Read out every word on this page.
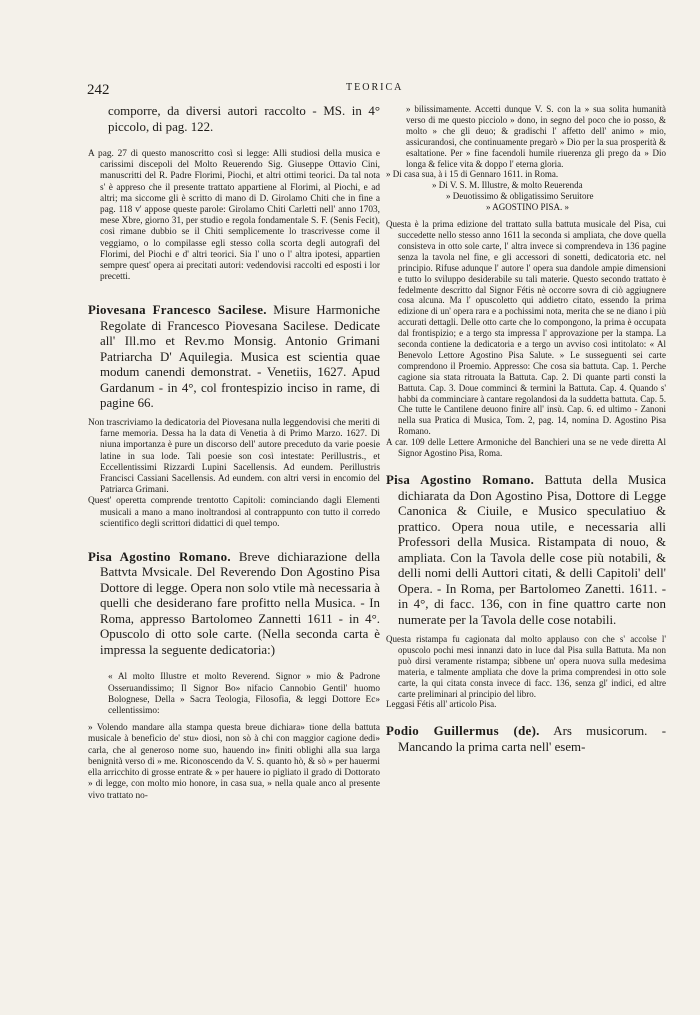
242	TEORICA

comporre, da diversi autori raccolto - MS. in 4° piccolo, di pag. 122.

A pag. 27 di questo manoscritto così si legge: Alli studiosi della musica e carissimi discepoli del Molto Reuerendo Sig. Giuseppe Ottavio Cini, manuscritti del R. Padre Florimi, Piochi, et altri ottimi teorici. Da tal nota s' è appreso che il presente trattato appartiene al Florimi, al Piochi, e ad altri; ma siccome gli è scritto di mano di D. Girolamo Chiti che in fine a pag. 118 v' appose queste parole: Girolamo Chiti Carletti nell' anno 1703, mese Xbre, giorno 31, per studio e regola fondamentale S. F. (Senis Fecit), così rimane dubbio se il Chiti semplicemente lo trascrivesse come il veggiamo, o lo compilasse egli stesso colla scorta degli autografi del Florimi, del Piochi e d' altri teorici. Sia l' uno o l' altra ipotesi, appartien sempre quest' opera ai precitati autori: vedendovisi raccolti ed esposti i lor precetti.

Piovesana Francesco Sacilese. Misure Harmoniche Regolate di Francesco Piovesana Sacilese. Dedicate all' Ill.mo et Rev.mo Monsig. Antonio Grimani Patriarcha D' Aquilegia. Musica est scientia quae modum canendi demonstrat. - Venetiis, 1627. Apud Gardanum - in 4°, col frontespizio inciso in rame, di pagine 66.

Non trascriviamo la dedicatoria del Piovesana nulla leggendovisi che meriti di farne memoria. Dessa ha la data di Venetia à di Primo Marzo. 1627. Di niuna importanza è pure un discorso dell' autore preceduto da varie poesie latine in sua lode. Tali poesie son così intestate: Perillustris., et Eccellentissimi Rizzardi Lupini Sacellensis. Ad eundem. Perillustris Francisci Cassiani Sacellensis. Ad eundem. con altri versi in encomio del Patriarca Grimani.

Quest' operetta comprende trentotto Capitoli: cominciando dagli Elementi musicali a mano a mano inoltrandosi al contrappunto con tutto il corredo scientifico degli scrittori didattici di quel tempo.

Pisa Agostino Romano. Breve dichiarazione della Battvta Mvsicale. Del Reverendo Don Agostino Pisa Dottore di legge. Opera non solo vtile mà necessaria à quelli che desiderano fare profitto nella Musica. - In Roma, appresso Bartolomeo Zannetti 1611 - in 4°. Opuscolo di otto sole carte. (Nella seconda carta è impressa la seguente dedicatoria:)

« Al molto Illustre et molto Reverend. Signor » mio & Padrone Osseruandissimo; Il Signor Bo» nifacio Cannobio Gentil' huomo Bolognese, Della » Sacra Teologia, Filosofia, & leggi Dottore Ec» cellentissimo:

» Volendo mandare alla stampa questa breue dichiara» tione della battuta musicale à beneficio de' stu» diosi, non sò à chi con maggior cagione dedi» carla, che al generoso nome suo, hauendo in» finiti oblighi alla sua larga benignità verso di » me. Riconoscendo da V. S. quanto hò, & sò » per hauermi ella arricchito di grosse entrate & » per hauere io pigliato il grado di Dottorato » di legge, con molto mio honore, in casa sua, » nella quale anco al presente vivo trattato no-

» bilissimamente. Accetti dunque V. S. con la » sua solita humanità verso di me questo picciolo » dono, in segno del poco che io posso, & molto » che gli deuo; & gradischi l' affetto dell' animo » mio, assicurandosi, che continuamente pregarò » Dio per la sua prosperità & esaltatione. Per » fine facendoli humile riuerenza gli prego da » Dio longa & felice vita & doppo l' eterna gloria.

» Di casa sua, à i 15 di Gennaro 1611. in Roma.

» Di V. S. M. Illustre, & molto Reuerenda

» Deuotissimo & obligatissimo Seruitore

» AGOSTINO PISA. »

Questa è la prima edizione del trattato sulla battuta musicale del Pisa, cui succedette nello stesso anno 1611 la seconda si ampliata, che dove quella consisteva in otto sole carte, l' altra invece si comprendeva in 136 pagine senza la tavola nel fine, e gli accessori di sonetti, dedicatoria etc. nel principio. Rifuse adunque l' autore l' opera sua dandole ampie dimensioni e tutto lo sviluppo desiderabile su tali materie. Questo secondo trattato è fedelmente descritto dal Signor Fétis nè occorre sovra di ciò aggiugnere cosa alcuna. Ma l' opuscoletto qui addietro citato, essendo la prima edizione di un' opera rara e a pochissimi nota, merita che se ne diano i più accurati dettagli. Delle otto carte che lo compongono, la prima è occupata dal frontispizio; e a tergo sta impressa l' approvazione per la stampa. La seconda contiene la dedicatoria e a tergo un avviso così intitolato: « Al Benevolo Lettore Agostino Pisa Salute. » Le susseguenti sei carte comprendono il Proemio. Appresso: Che cosa sia battuta. Cap. 1. Perche cagione sia stata ritrouata la Battuta. Cap. 2. Di quante parti consti la Battuta. Cap. 3. Doue comminci & termini la Battuta. Cap. 4. Quando s' habbi da comminciare à cantare regolandosi da la suddetta battuta. Cap. 5. Che tutte le Cantilene deuono finire all' insù. Cap. 6. ed ultimo - Zanoni nella sua Pratica di Musica, Tom. 2, pag. 14, nomina D. Agostino Pisa Romano.

A car. 109 delle Lettere Armoniche del Banchieri una se ne vede diretta Al Signor Agostino Pisa, Roma.

Pisa Agostino Romano. Battuta della Musica dichiarata da Don Agostino Pisa, Dottore di Legge Canonica & Ciuile, e Musico speculatiuo & prattico. Opera noua utile, e necessaria alli Professori della Musica. Ristampata di nouo, & ampliata. Con la Tavola delle cose più notabili, & delli nomi delli Auttori citati, & delli Capitoli' dell' Opera. - In Roma, per Bartolomeo Zanetti. 1611. - in 4°, di facc. 136, con in fine quattro carte non numerate per la Tavola delle cose notabili.

Questa ristampa fu cagionata dal molto applauso con che s' accolse l' opuscolo pochi mesi innanzi dato in luce dal Pisa sulla Battuta. Ma non può dirsi veramente ristampa; sibbene un' opera nuova sulla medesima materia, e talmente ampliata che dove la prima comprendesi in otto sole carte, la qui citata consta invece di facc. 136, senza gl' indici, ed altre carte preliminari al principio del libro.

Leggasi Fétis all' articolo Pisa.

Podio Guillermus (de). Ars musicorum. - Mancando la prima carta nell' esem-
